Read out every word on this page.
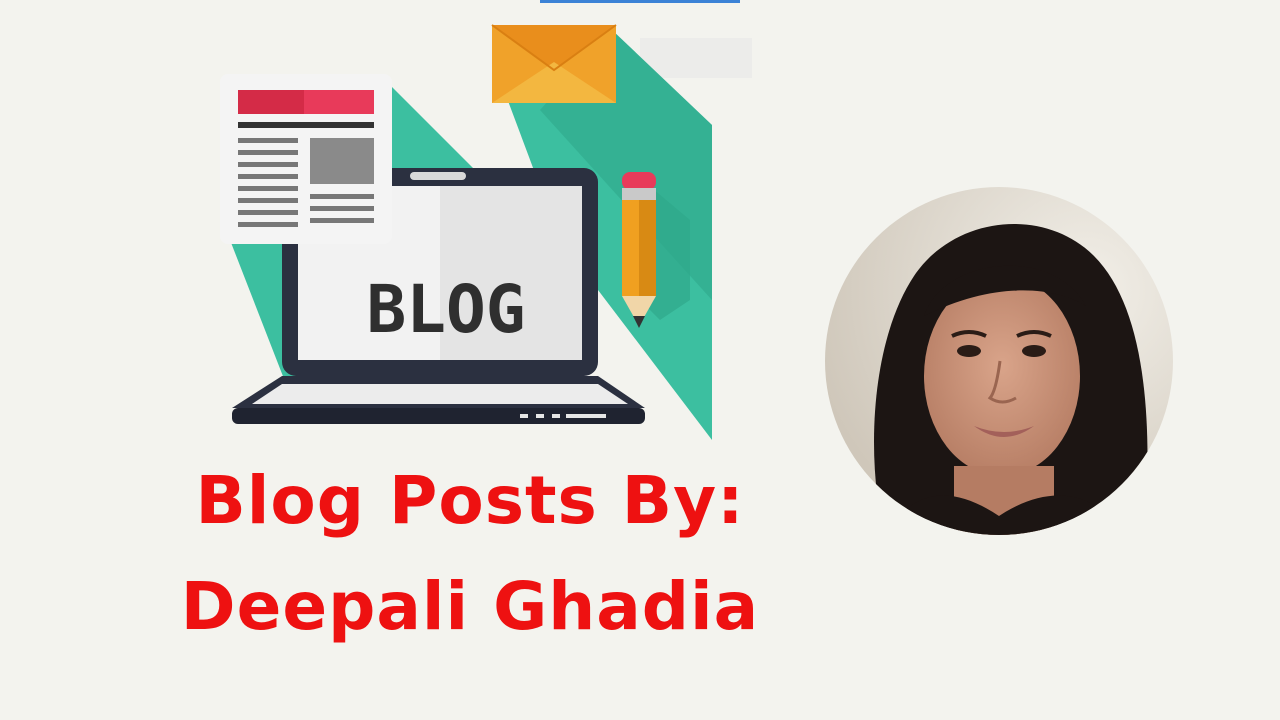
BLOG
Blog Posts By:
Deepali Ghadia
